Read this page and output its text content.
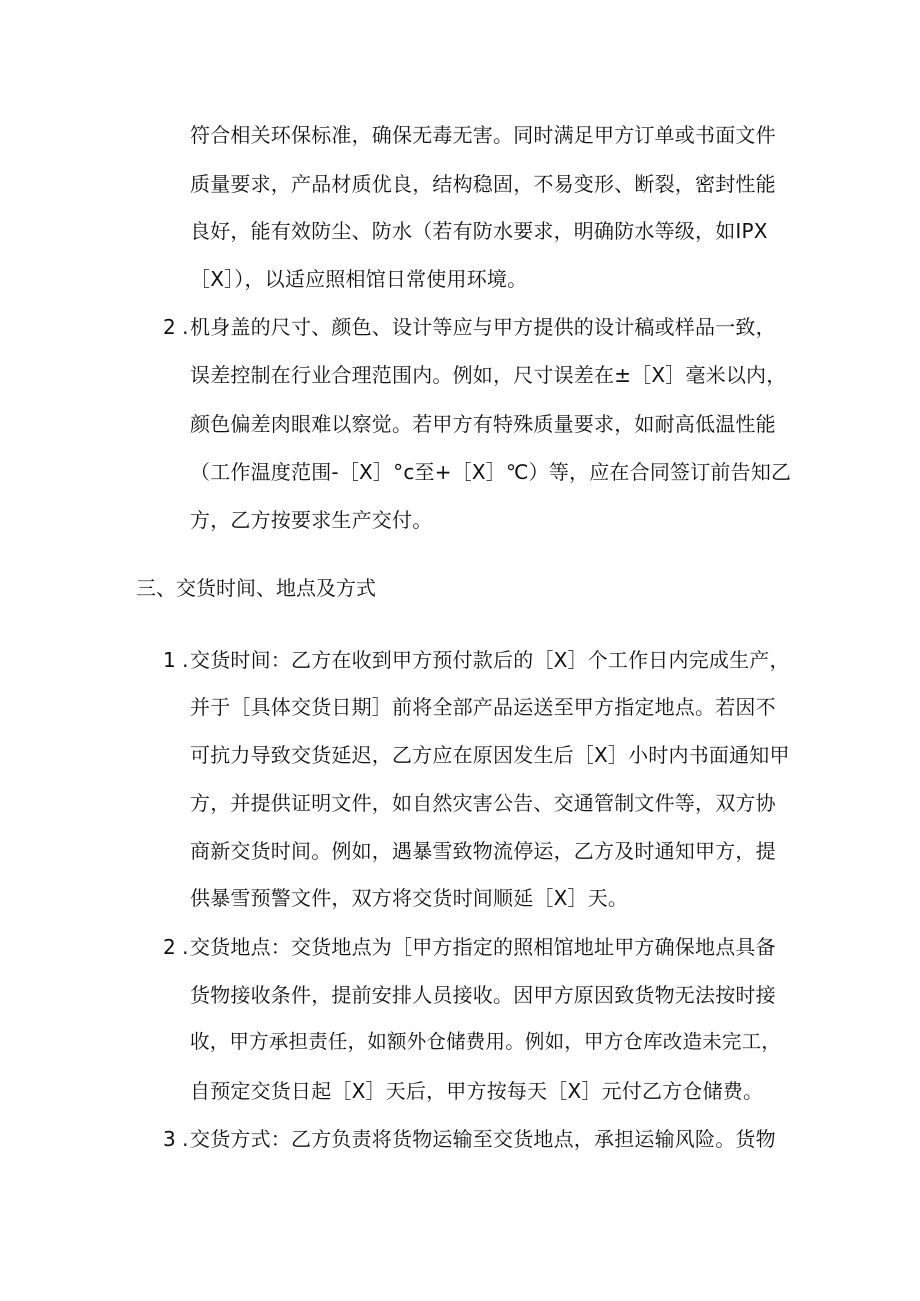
符合相关环保标准，确保无毒无害。同时满足甲方订单或书面文件
质量要求，产品材质优良，结构稳固，不易变形、断裂，密封性能
良好，能有效防尘、防水（若有防水要求，明确防水等级，如IPX
［X］），以适应照相馆日常使用环境。
2 . 机身盖的尺寸、颜色、设计等应与甲方提供的设计稿或样品一致，
误差控制在行业合理范围内。例如，尺寸误差在±［X］毫米以内，
颜色偏差肉眼难以察觉。若甲方有特殊质量要求，如耐高低温性能
（工作温度范围-［X］°c至+［X］℃）等，应在合同签订前告知乙
方，乙方按要求生产交付。
三、交货时间、地点及方式
1 . 交货时间：乙方在收到甲方预付款后的［X］个工作日内完成生产，
并于［具体交货日期］前将全部产品运送至甲方指定地点。若因不
可抗力导致交货延迟，乙方应在原因发生后［X］小时内书面通知甲
方，并提供证明文件，如自然灾害公告、交通管制文件等，双方协
商新交货时间。例如，遇暴雪致物流停运，乙方及时通知甲方，提
供暴雪预警文件，双方将交货时间顺延［X］天。
2 . 交货地点：交货地点为［甲方指定的照相馆地址甲方确保地点具备
货物接收条件，提前安排人员接收。因甲方原因致货物无法按时接
收，甲方承担责任，如额外仓储费用。例如，甲方仓库改造未完工，
自预定交货日起［X］天后，甲方按每天［X］元付乙方仓储费。
3 . 交货方式：乙方负责将货物运输至交货地点，承担运输风险。货物
